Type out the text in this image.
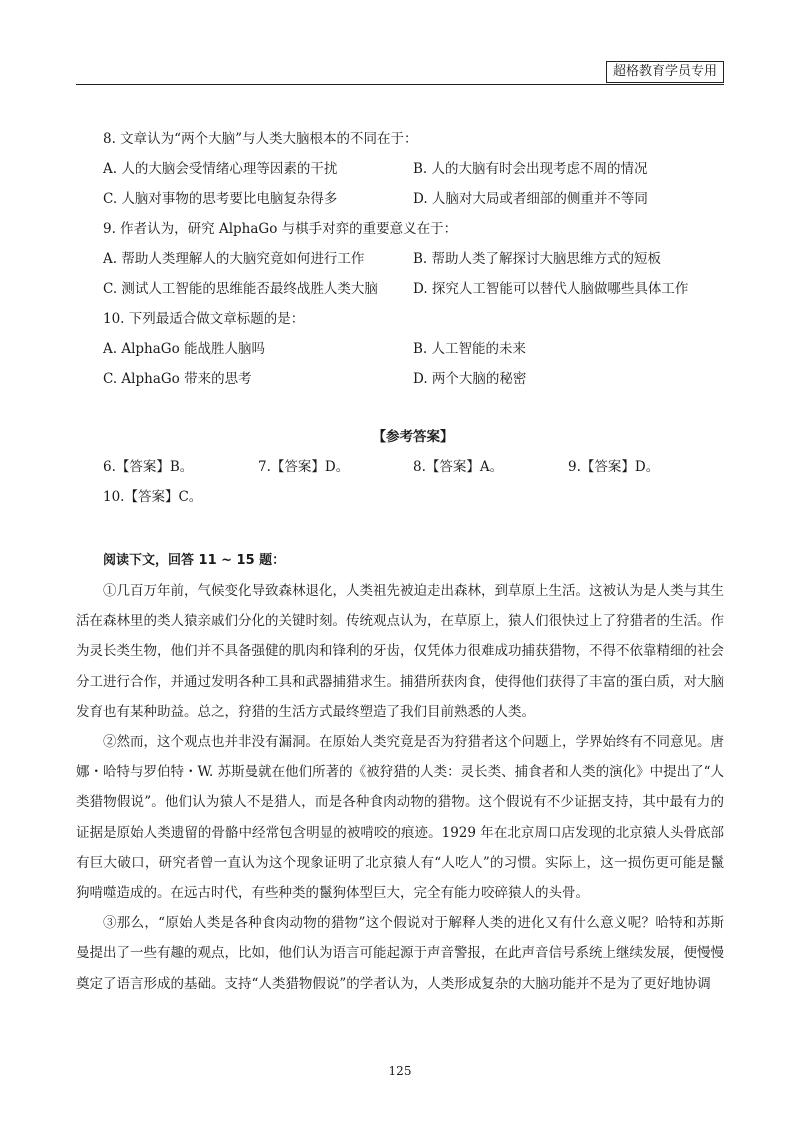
超格教育学员专用
8. 文章认为“两个大脑”与人类大脑根本的不同在于：
A. 人的大脑会受情绪心理等因素的干扰	B. 人的大脑有时会出现考虑不周的情况
C. 人脑对事物的思考要比电脑复杂得多	D. 人脑对大局或者细部的侧重并不等同
9. 作者认为，研究 AlphaGo 与棋手对弈的重要意义在于：
A. 帮助人类理解人的大脑究竟如何进行工作	B. 帮助人类了解探讨大脑思维方式的短板
C. 测试人工智能的思维能否最终战胜人类大脑	D. 探究人工智能可以替代人脑做哪些具体工作
10. 下列最适合做文章标题的是：
A. AlphaGo 能战胜人脑吗	B. 人工智能的未来
C. AlphaGo 带来的思考	D. 两个大脑的秘密
【参考答案】
6.【答案】B。	7.【答案】D。	8.【答案】A。	9.【答案】D。
10.【答案】C。
阅读下文，回答 11 ~ 15 题：

①几百万年前，气候变化导致森林退化，人类祖先被迫走出森林，到草原上生活。这被认为是人类与其生活在森林里的类人猿亲戚们分化的关键时刻。传统观点认为，在草原上，猿人们很快过上了狩猎者的生活。作为灵长类生物，他们并不具备强健的肌肉和锋利的牙齿，仅凭体力很难成功捕获猎物，不得不依靠精细的社会分工进行合作，并通过发明各种工具和武器捕猎求生。捕猎所获肉食，使得他们获得了丰富的蛋白质，对大脑发育也有某种助益。总之，狩猎的生活方式最终塑造了我们目前熟悉的人类。

②然而，这个观点也并非没有漏洞。在原始人类究竟是否为狩猎者这个问题上，学界始终有不同意见。唐娜・哈特与罗伯特・W. 苏斯曼就在他们所著的《被狩猎的人类：灵长类、捕食者和人类的演化》中提出了“人类猎物假说”。他们认为猿人不是猎人，而是各种食肉动物的猎物。这个假说有不少证据支持，其中最有力的证据是原始人类遗留的骨骼中经常包含明显的被啃咬的痕迹。1929 年在北京周口店发现的北京猿人头骨底部有巨大破口，研究者曾一直认为这个现象证明了北京猿人有“人吃人”的习惯。实际上，这一损伤更可能是鬣狗啃噬造成的。在远古时代，有些种类的鬣狗体型巨大，完全有能力咬碎猿人的头骨。

③那么，“原始人类是各种食肉动物的猎物”这个假说对于解释人类的进化又有什么意义呢？哈特和苏斯曼提出了一些有趣的观点，比如，他们认为语言可能起源于声音警报，在此声音信号系统上继续发展，便慢慢奠定了语言形成的基础。支持“人类猎物假说”的学者认为，人类形成复杂的大脑功能并不是为了更好地协调

125
